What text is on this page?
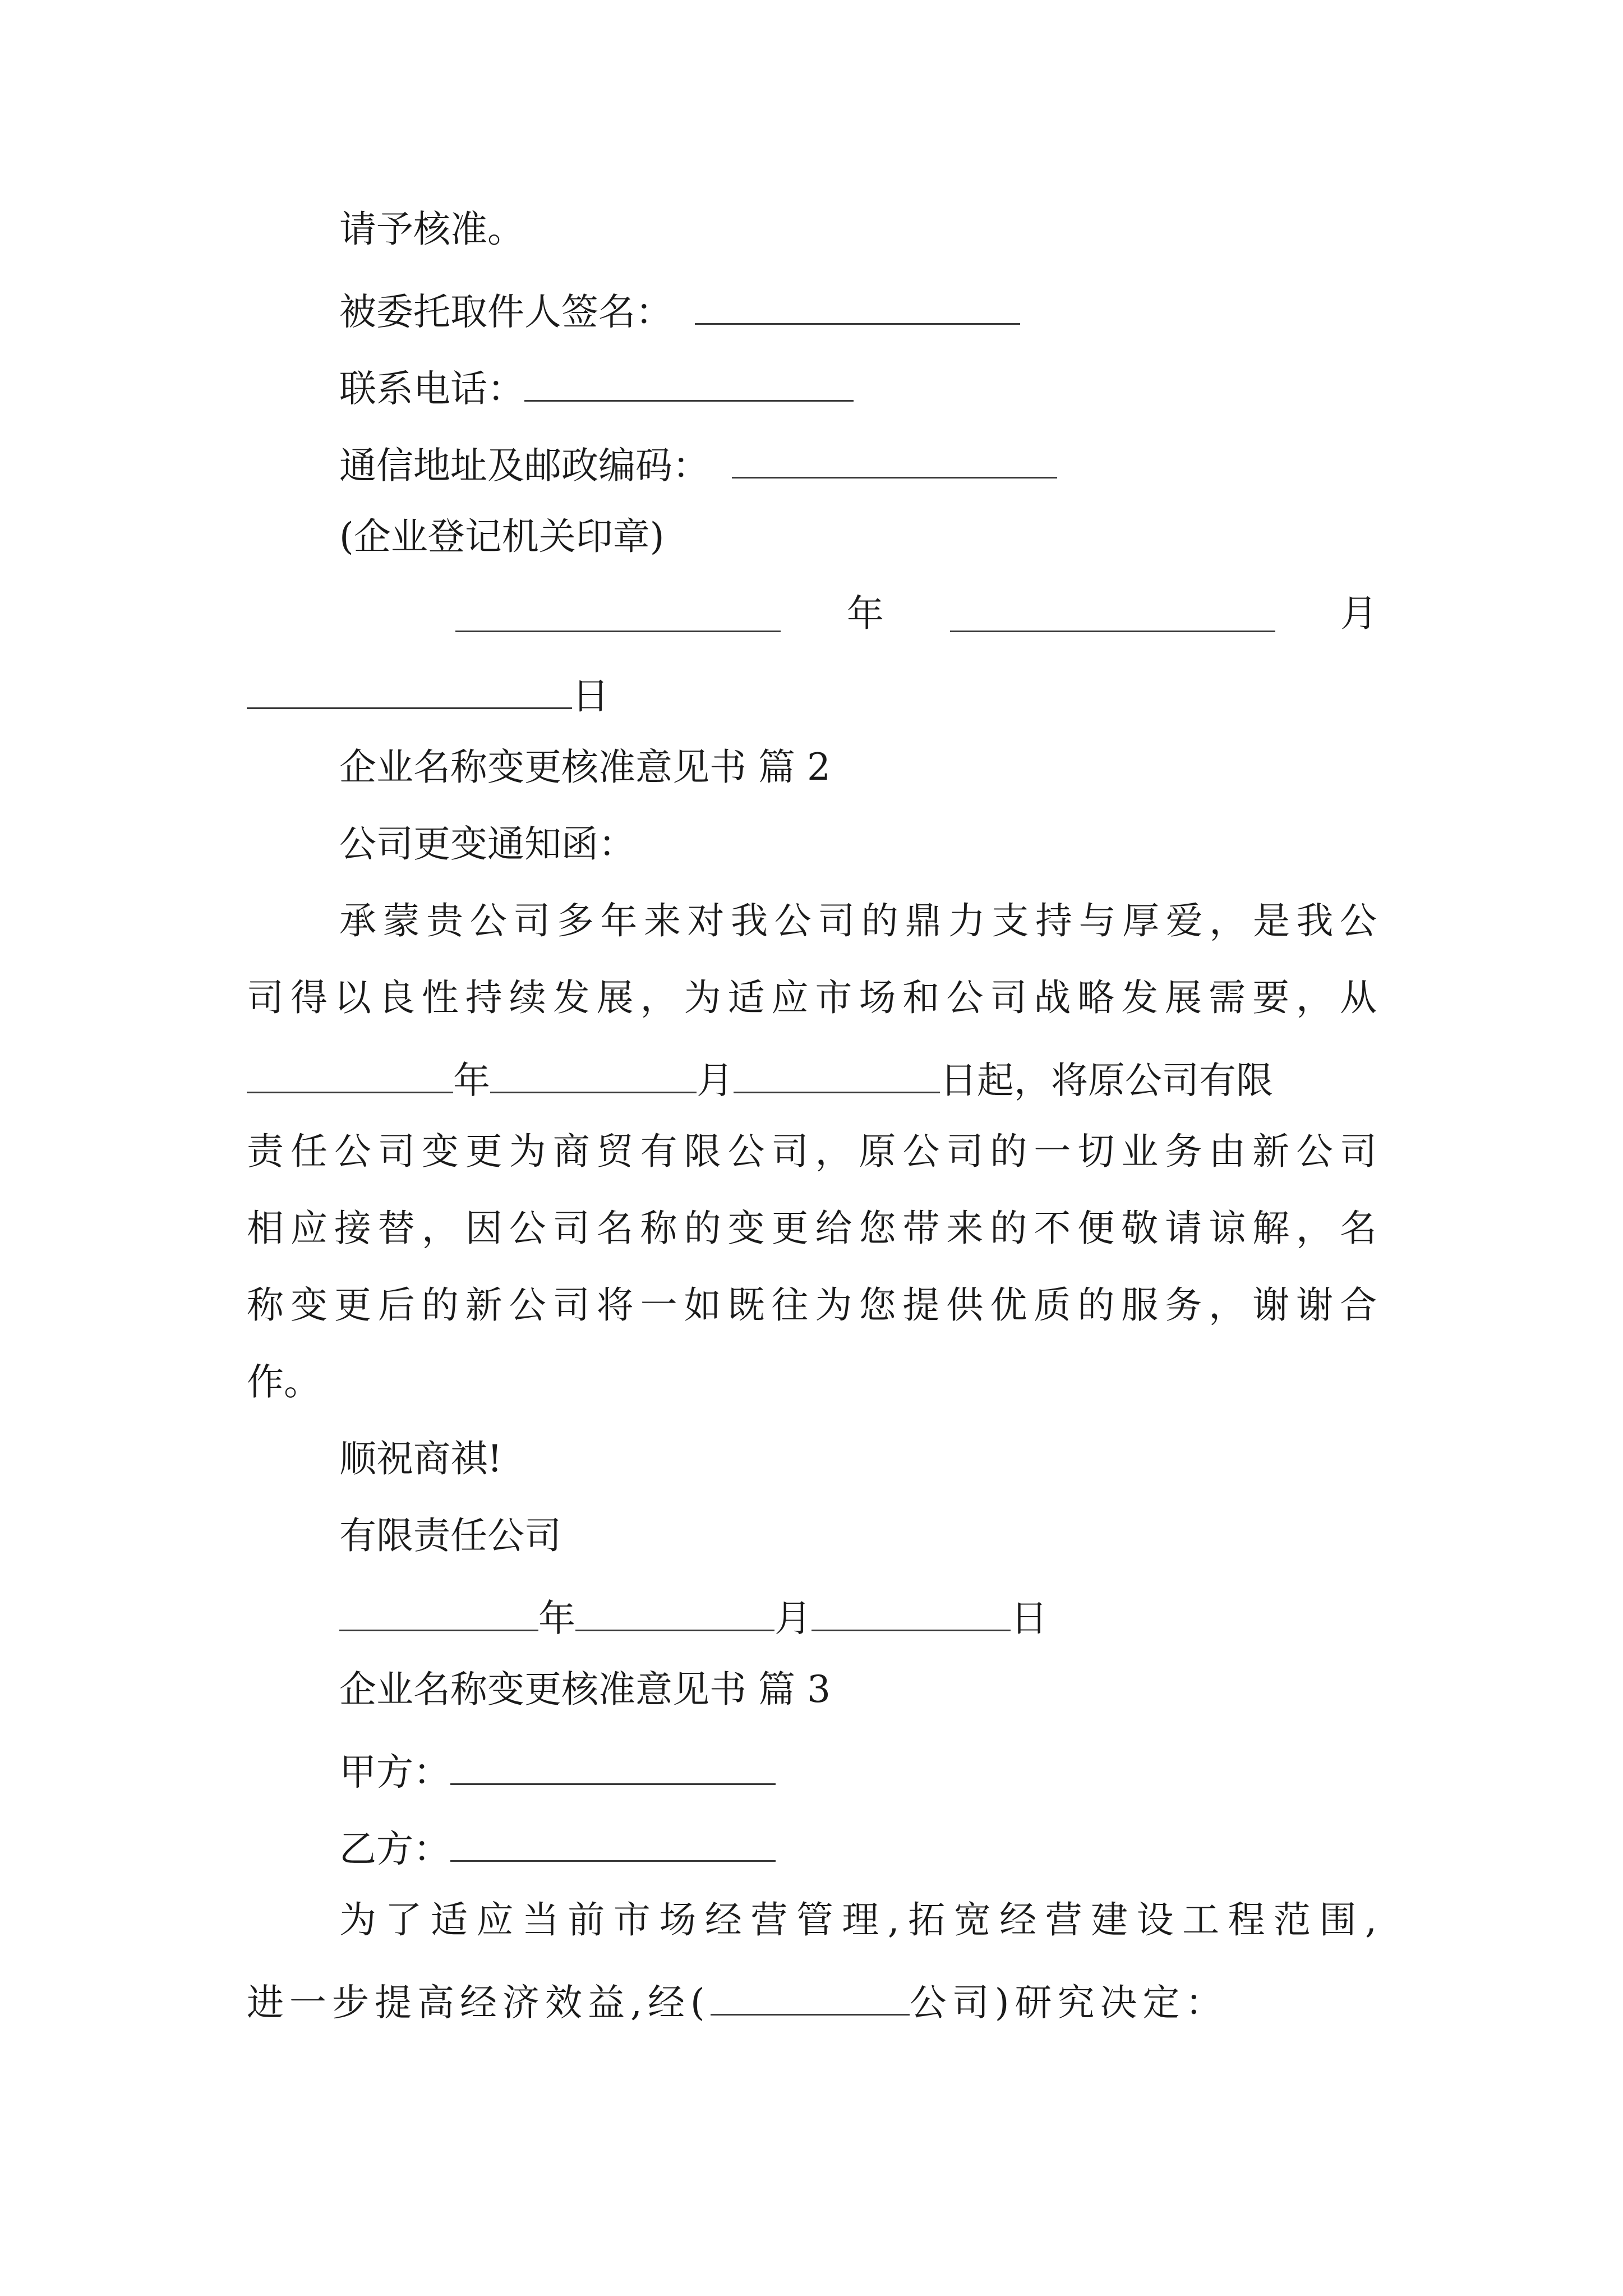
请予核准。
被委托取件人签名：
联系电话：
通信地址及邮政编码：
(企业登记机关印章)
年	月
日
企业名称变更核准意见书 篇 2
公司更变通知函：
承蒙贵公司多年来对我公司的鼎力支持与厚爱，是我公
司得以良性持续发展，为适应市场和公司战略发展需要，从
年	月	日起，将原公司有限
责任公司变更为商贸有限公司，原公司的一切业务由新公司
相应接替，因公司名称的变更给您带来的不便敬请谅解，名
称变更后的新公司将一如既往为您提供优质的服务，谢谢合
作。
顺祝商祺!
有限责任公司
年	月	日
企业名称变更核准意见书 篇 3
甲方：
乙方：
为了适应当前市场经营管理,拓宽经营建设工程范围,
进一步提高经济效益,经(	公司)研究决定：
